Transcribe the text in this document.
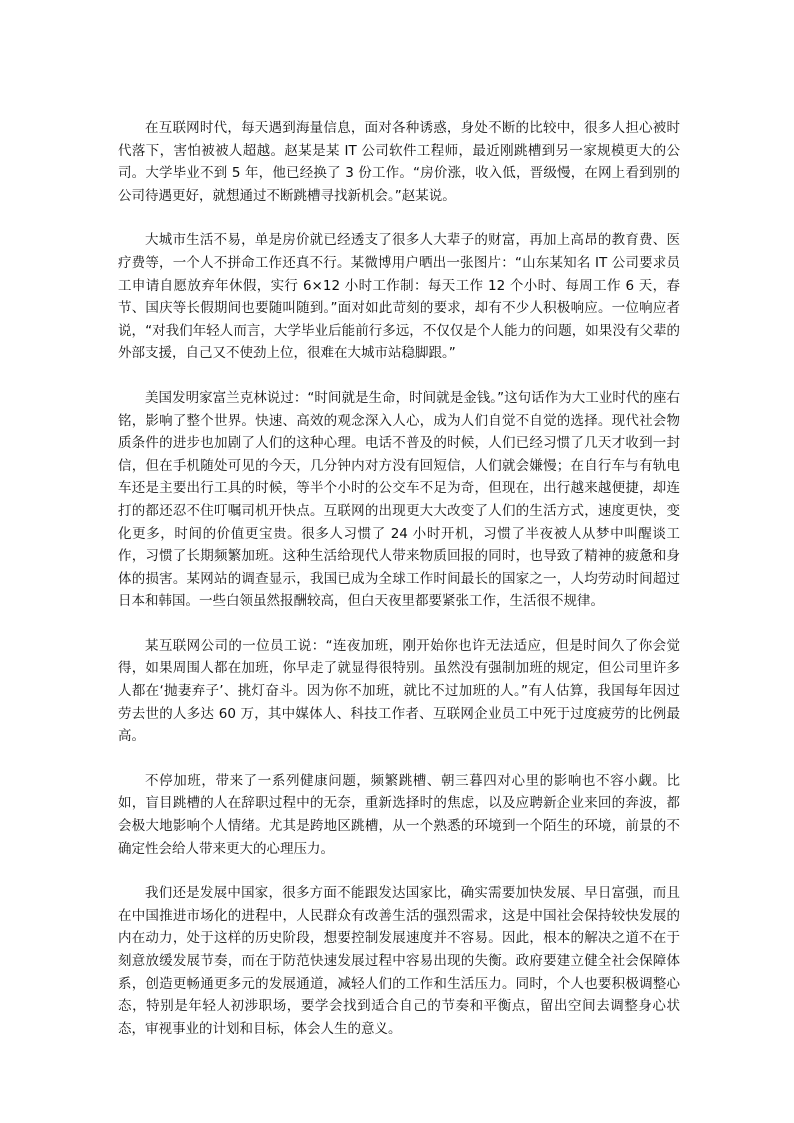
在互联网时代，每天遇到海量信息，面对各种诱惑，身处不断的比较中，很多人担心被时代落下，害怕被被人超越。赵某是某 IT 公司软件工程师，最近刚跳槽到另一家规模更大的公司。大学毕业不到 5 年，他已经换了 3 份工作。“房价涨，收入低，晋级慢，在网上看到别的公司待遇更好，就想通过不断跳槽寻找新机会。”赵某说。

大城市生活不易，单是房价就已经透支了很多人大辈子的财富，再加上高昂的教育费、医疗费等，一个人不拼命工作还真不行。某微博用户晒出一张图片：“山东某知名 IT 公司要求员工申请自愿放弃年休假，实行 6×12 小时工作制：每天工作 12 个小时、每周工作 6 天，春节、国庆等长假期间也要随叫随到。”面对如此苛刻的要求，却有不少人积极响应。一位响应者说，“对我们年轻人而言，大学毕业后能前行多远，不仅仅是个人能力的问题，如果没有父辈的外部支援，自己又不使劲上位，很难在大城市站稳脚跟。”

美国发明家富兰克林说过：“时间就是生命，时间就是金钱。”这句话作为大工业时代的座右铭，影响了整个世界。快速、高效的观念深入人心，成为人们自觉不自觉的选择。现代社会物质条件的进步也加剧了人们的这种心理。电话不普及的时候，人们已经习惯了几天才收到一封信，但在手机随处可见的今天，几分钟内对方没有回短信，人们就会嫌慢；在自行车与有轨电车还是主要出行工具的时候，等半个小时的公交车不足为奇，但现在，出行越来越便捷，却连打的都还忍不住叮嘱司机开快点。互联网的出现更大大改变了人们的生活方式，速度更快，变化更多，时间的价值更宝贵。很多人习惯了 24 小时开机，习惯了半夜被人从梦中叫醒谈工作，习惯了长期频繁加班。这种生活给现代人带来物质回报的同时，也导致了精神的疲惫和身体的损害。某网站的调查显示，我国已成为全球工作时间最长的国家之一，人均劳动时间超过日本和韩国。一些白领虽然报酬较高，但白天夜里都要紧张工作，生活很不规律。

某互联网公司的一位员工说：“连夜加班，刚开始你也许无法适应，但是时间久了你会觉得，如果周围人都在加班，你早走了就显得很特别。虽然没有强制加班的规定，但公司里许多人都在‘抛妻弃子’、挑灯奋斗。因为你不加班，就比不过加班的人。”有人估算，我国每年因过劳去世的人多达 60 万，其中媒体人、科技工作者、互联网企业员工中死于过度疲劳的比例最高。

不停加班，带来了一系列健康问题，频繁跳槽、朝三暮四对心里的影响也不容小觑。比如，盲目跳槽的人在辞职过程中的无奈，重新选择时的焦虑，以及应聘新企业来回的奔波，都会极大地影响个人情绪。尤其是跨地区跳槽，从一个熟悉的环境到一个陌生的环境，前景的不确定性会给人带来更大的心理压力。

我们还是发展中国家，很多方面不能跟发达国家比，确实需要加快发展、早日富强，而且在中国推进市场化的进程中，人民群众有改善生活的强烈需求，这是中国社会保持较快发展的内在动力，处于这样的历史阶段，想要控制发展速度并不容易。因此，根本的解决之道不在于刻意放缓发展节奏，而在于防范快速发展过程中容易出现的失衡。政府要建立健全社会保障体系，创造更畅通更多元的发展通道，减轻人们的工作和生活压力。同时，个人也要积极调整心态，特别是年轻人初涉职场，要学会找到适合自己的节奏和平衡点，留出空间去调整身心状态，审视事业的计划和目标，体会人生的意义。
